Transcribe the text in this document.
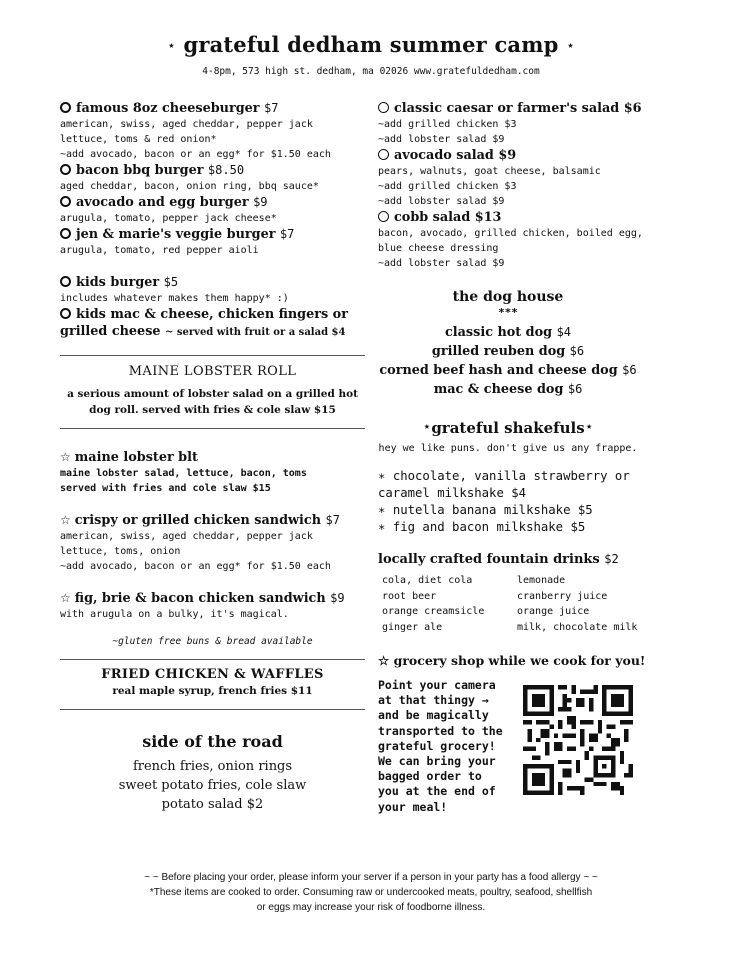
⋆ grateful dedham summer camp ⋆
4-8pm, 573 high st. dedham, ma 02026 www.gratefuldedham.com
famous 8oz cheeseburger $7
american, swiss, aged cheddar, pepper jack
lettuce, toms & red onion*
~add avocado, bacon or an egg* for $1.50 each
bacon bbq burger $8.50
aged cheddar, bacon, onion ring, bbq sauce*
avocado and egg burger $9
arugula, tomato, pepper jack cheese*
jen & marie's veggie burger $7
arugula, tomato, red pepper aioli
kids burger $5
includes whatever makes them happy* :)
kids mac & cheese, chicken fingers or
grilled cheese ~ served with fruit or a salad $4
MAINE LOBSTER ROLL
a serious amount of lobster salad on a grilled hot
dog roll. served with fries & cole slaw $15
☆ maine lobster blt
maine lobster salad, lettuce, bacon, toms
served with fries and cole slaw $15
☆ crispy or grilled chicken sandwich $7
american, swiss, aged cheddar, pepper jack
lettuce, toms, onion
~add avocado, bacon or an egg* for $1.50 each
☆ fig, brie & bacon chicken sandwich $9
with arugula on a bulky, it's magical.
~gluten free buns & bread available
FRIED CHICKEN & WAFFLES
real maple syrup, french fries $11
side of the road
french fries, onion rings
sweet potato fries, cole slaw
potato salad $2
classic caesar or farmer's salad $6
~add grilled chicken $3
~add lobster salad $9
avocado salad $9
pears, walnuts, goat cheese, balsamic
~add grilled chicken $3
~add lobster salad $9
cobb salad $13
bacon, avocado, grilled chicken, boiled egg,
blue cheese dressing
~add lobster salad $9
the dog house
***
classic hot dog $4
grilled reuben dog $6
corned beef hash and cheese dog $6
mac & cheese dog $6
⋆grateful shakefuls⋆
hey we like puns. don't give us any frappe.
∗ chocolate, vanilla strawberry or
caramel milkshake $4
∗ nutella banana milkshake $5
∗ fig and bacon milkshake $5
locally crafted fountain drinks $2
cola, diet cola	lemonade
root beer	cranberry juice
orange creamsicle	orange juice
ginger ale	milk, chocolate milk
☆ grocery shop while we cook for you!
Point your camera
at that thingy →
and be magically
transported to the
grateful grocery!
We can bring your
bagged order to
you at the end of
your meal!
~ ~ Before placing your order, please inform your server if a person in your party has a food allergy ~ ~
*These items are cooked to order. Consuming raw or undercooked meats, poultry, seafood, shellfish
or eggs may increase your risk of foodborne illness.
